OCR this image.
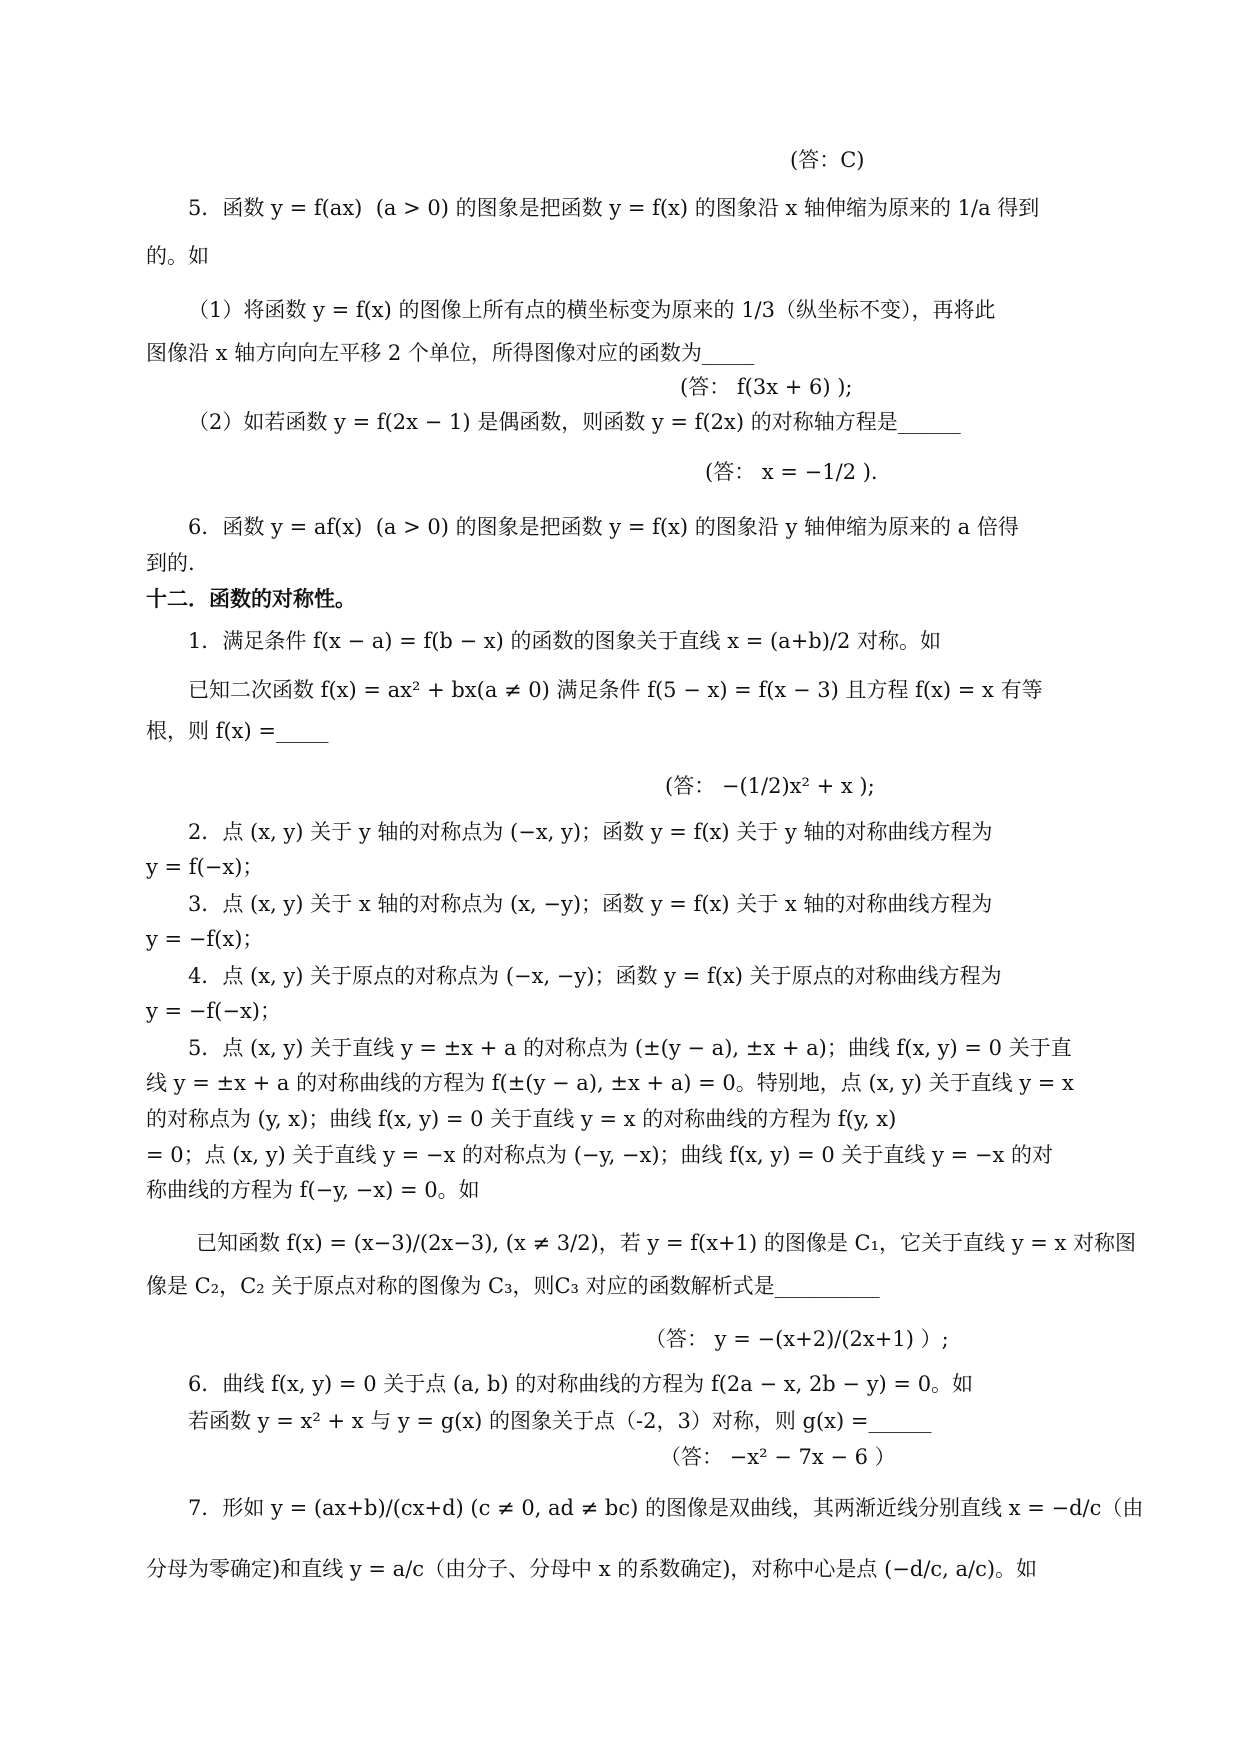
(答：C)
5．函数 y = f(ax)  (a > 0) 的图象是把函数 y = f(x) 的图象沿 x 轴伸缩为原来的 1/a 得到
的。如
（1）将函数 y = f(x) 的图像上所有点的横坐标变为原来的 1/3（纵坐标不变），再将此
图像沿 x 轴方向向左平移 2 个单位，所得图像对应的函数为_____
(答： f(3x + 6) );
（2）如若函数 y = f(2x − 1) 是偶函数，则函数 y = f(2x) 的对称轴方程是______
(答： x = −1/2 ).
6．函数 y = af(x)  (a > 0) 的图象是把函数 y = f(x) 的图象沿 y 轴伸缩为原来的 a 倍得
到的.
十二．函数的对称性。
1．满足条件 f(x − a) = f(b − x) 的函数的图象关于直线 x = (a+b)/2 对称。如
已知二次函数 f(x) = ax² + bx(a ≠ 0) 满足条件 f(5 − x) = f(x − 3) 且方程 f(x) = x 有等
根，则 f(x) =_____
(答： −(1/2)x² + x );
2．点 (x, y) 关于 y 轴的对称点为 (−x, y)；函数 y = f(x) 关于 y 轴的对称曲线方程为
y = f(−x)；
3．点 (x, y) 关于 x 轴的对称点为 (x, −y)；函数 y = f(x) 关于 x 轴的对称曲线方程为
y = −f(x)；
4．点 (x, y) 关于原点的对称点为 (−x, −y)；函数 y = f(x) 关于原点的对称曲线方程为
y = −f(−x)；
5．点 (x, y) 关于直线 y = ±x + a 的对称点为 (±(y − a), ±x + a)；曲线 f(x, y) = 0 关于直
线 y = ±x + a 的对称曲线的方程为 f(±(y − a), ±x + a) = 0。特别地，点 (x, y) 关于直线 y = x
的对称点为 (y, x)；曲线 f(x, y) = 0 关于直线 y = x 的对称曲线的方程为 f(y, x)
= 0；点 (x, y) 关于直线 y = −x 的对称点为 (−y, −x)；曲线 f(x, y) = 0 关于直线 y = −x 的对
称曲线的方程为 f(−y, −x) = 0。如
已知函数 f(x) = (x−3)/(2x−3), (x ≠ 3/2)，若 y = f(x+1) 的图像是 C₁，它关于直线 y = x 对称图
像是 C₂，C₂ 关于原点对称的图像为 C₃，则C₃ 对应的函数解析式是__________
（答： y = −(x+2)/(2x+1) ）;
6．曲线 f(x, y) = 0 关于点 (a, b) 的对称曲线的方程为 f(2a − x, 2b − y) = 0。如
若函数 y = x² + x 与 y = g(x) 的图象关于点（-2，3）对称，则 g(x) =______
（答： −x² − 7x − 6 ）
7．形如 y = (ax+b)/(cx+d) (c ≠ 0, ad ≠ bc) 的图像是双曲线，其两渐近线分别直线 x = −d/c（由
分母为零确定)和直线 y = a/c（由分子、分母中 x 的系数确定)，对称中心是点 (−d/c, a/c)。如
